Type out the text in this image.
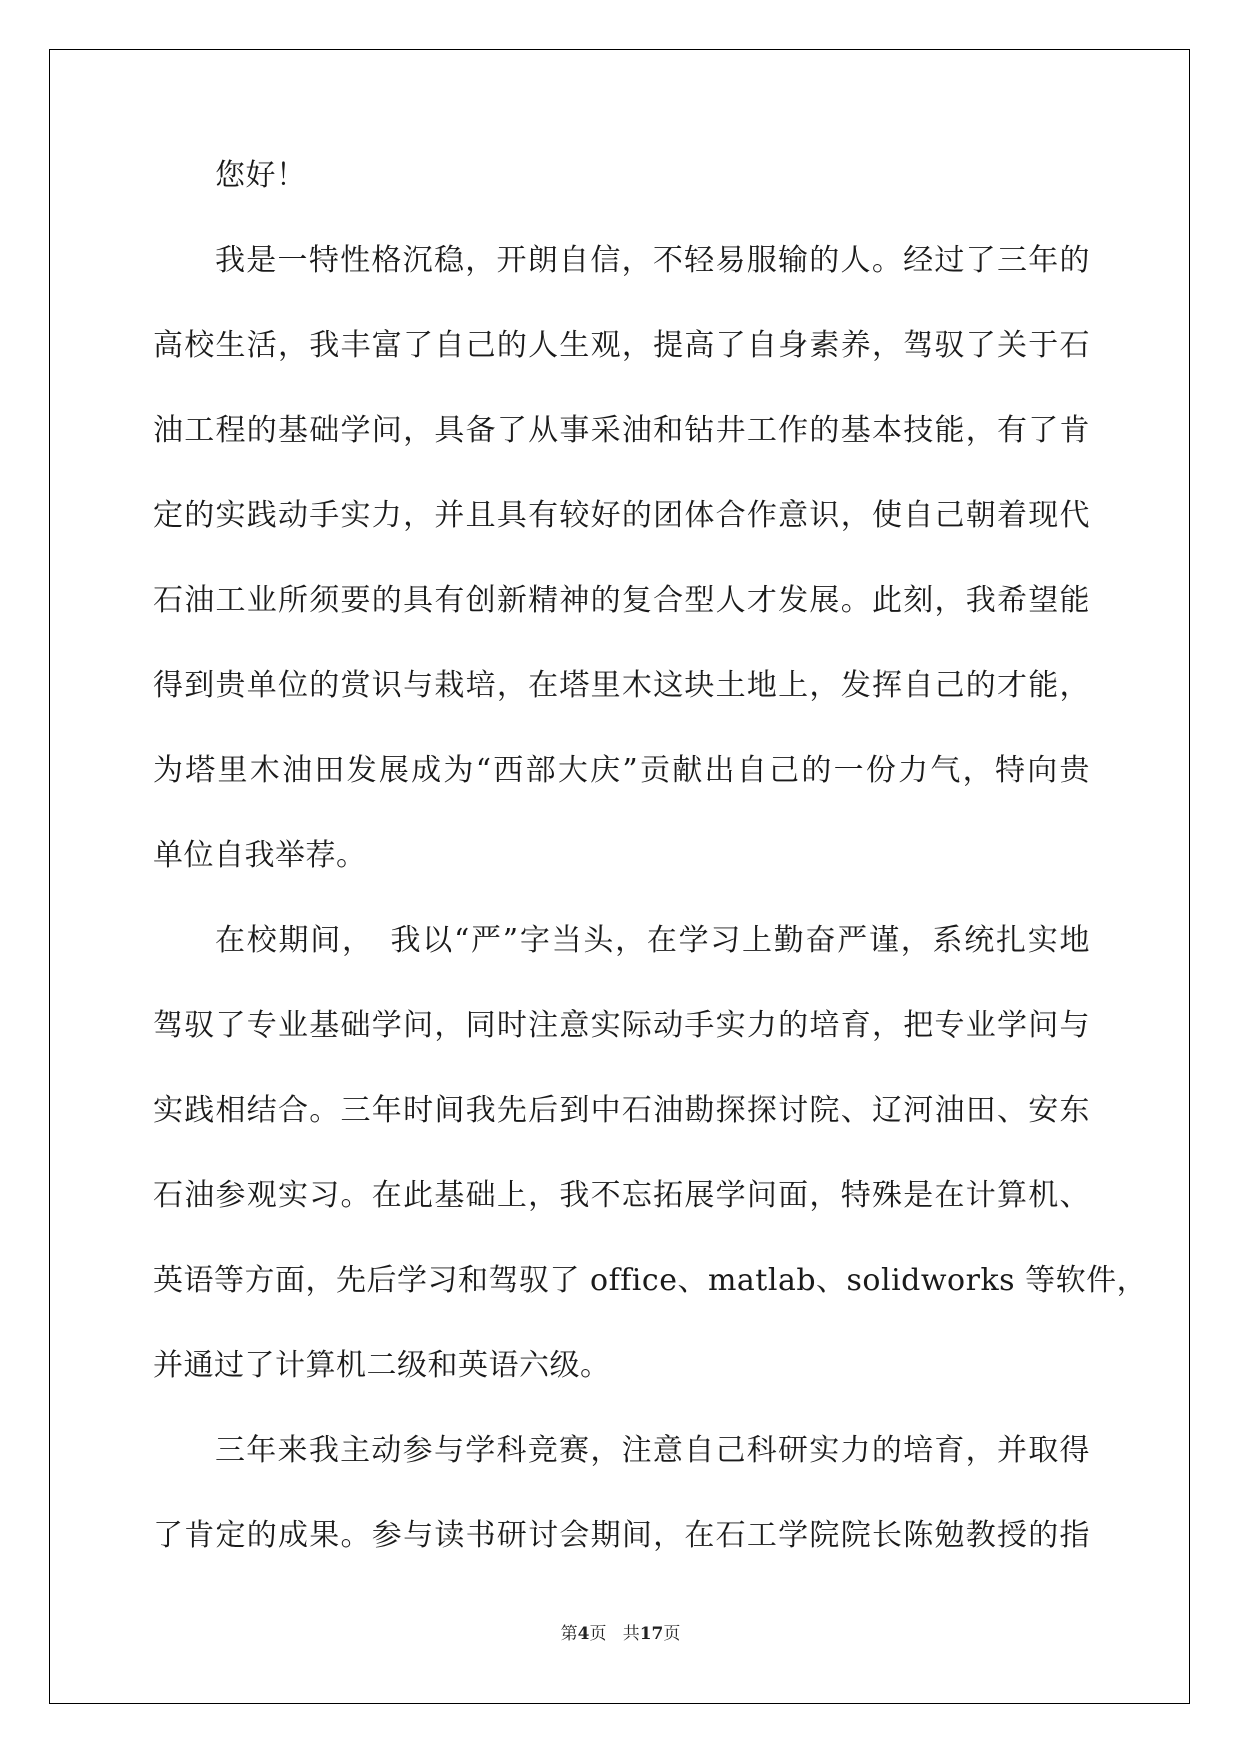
您好！
我是一特性格沉稳，开朗自信，不轻易服输的人。经过了三年的
高校生活，我丰富了自己的人生观，提高了自身素养，驾驭了关于石
油工程的基础学问，具备了从事采油和钻井工作的基本技能，有了肯
定的实践动手实力，并且具有较好的团体合作意识，使自己朝着现代
石油工业所须要的具有创新精神的复合型人才发展。此刻，我希望能
得到贵单位的赏识与栽培，在塔里木这块土地上，发挥自己的才能，
为塔里木油田发展成为“西部大庆”贡献出自己的一份力气，特向贵
单位自我举荐。
在校期间，　我以“严”字当头，在学习上勤奋严谨，系统扎实地
驾驭了专业基础学问，同时注意实际动手实力的培育，把专业学问与
实践相结合。三年时间我先后到中石油勘探探讨院、辽河油田、安东
石油参观实习。在此基础上，我不忘拓展学问面，特殊是在计算机、
英语等方面，先后学习和驾驭了 office、matlab、solidworks 等软件，
并通过了计算机二级和英语六级。
三年来我主动参与学科竞赛，注意自己科研实力的培育，并取得
了肯定的成果。参与读书研讨会期间，在石工学院院长陈勉教授的指
第4页 共17页
